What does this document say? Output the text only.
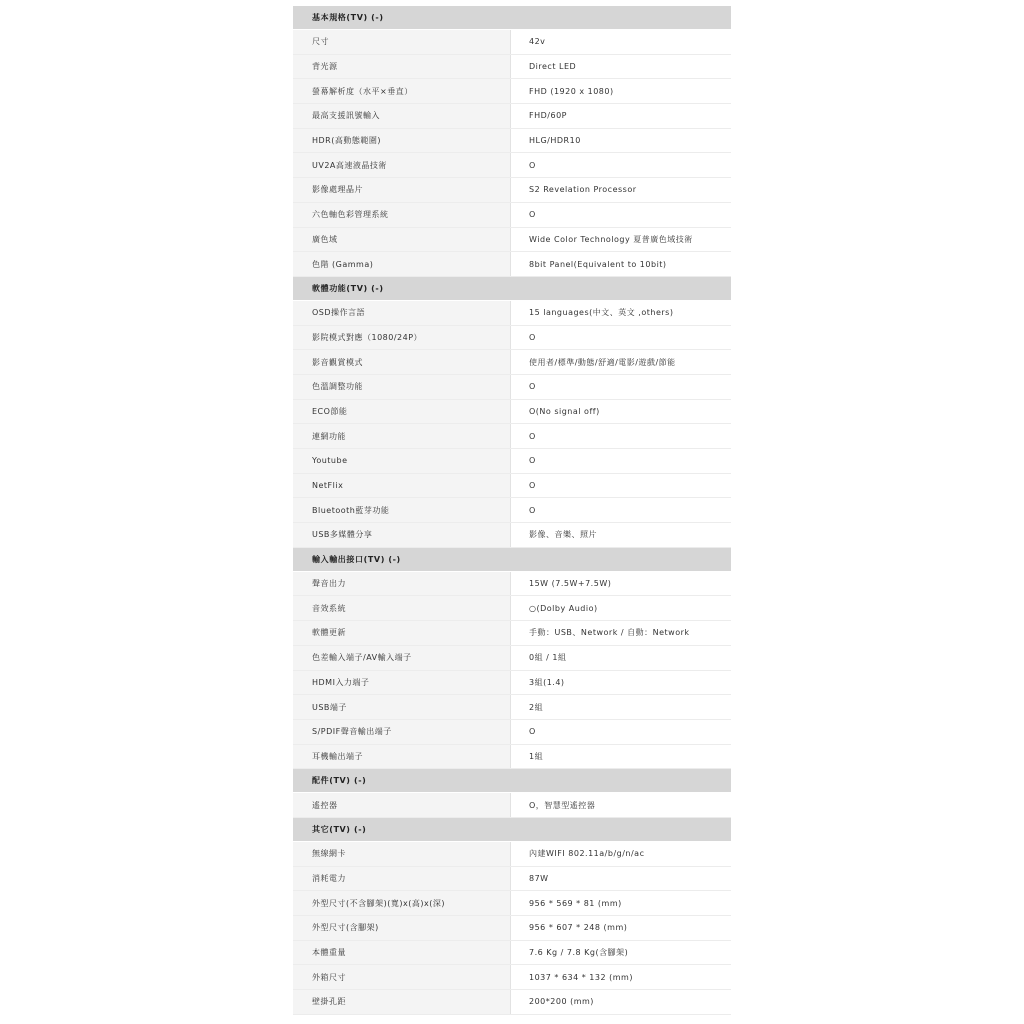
基本規格(TV) (-)
尺寸	42v
背光源	Direct LED
螢幕解析度（水平×垂直）	FHD (1920 x 1080)
最高支援訊號輸入	FHD/60P
HDR(高動態範圍)	HLG/HDR10
UV2A高速液晶技術	O
影像處理晶片	S2 Revelation Processor
六色軸色彩管理系統	O
廣色域	Wide Color Technology 夏普廣色域技術
色階 (Gamma)	8bit Panel(Equivalent to 10bit)
軟體功能(TV) (-)
OSD操作言語	15 languages(中文、英文 ,others)
影院模式對應（1080/24P）	O
影音觀賞模式	使用者/標準/動態/舒適/電影/遊戲/節能
色溫調整功能	O
ECO節能	O(No signal off)
連網功能	O
Youtube	O
NetFlix	O
Bluetooth藍芽功能	O
USB多媒體分享	影像、音樂、照片
輸入輸出接口(TV) (-)
聲音出力	15W (7.5W+7.5W)
音效系統	○(Dolby Audio)
軟體更新	手動：USB、Network / 自動：Network
色差輸入端子/AV輸入端子	0組 / 1組
HDMI入力端子	3組(1.4)
USB端子	2組
S/PDIF聲音輸出端子	O
耳機輸出端子	1組
配件(TV) (-)
遙控器	O，智慧型遙控器
其它(TV) (-)
無線網卡	內建WIFI 802.11a/b/g/n/ac
消耗電力	87W
外型尺寸(不含腳架)(寬)x(高)x(深)	956 * 569 * 81 (mm)
外型尺寸(含腳架)	956 * 607 * 248 (mm)
本體重量	7.6 Kg / 7.8 Kg(含腳架)
外箱尺寸	1037 * 634 * 132 (mm)
壁掛孔距	200*200 (mm)
